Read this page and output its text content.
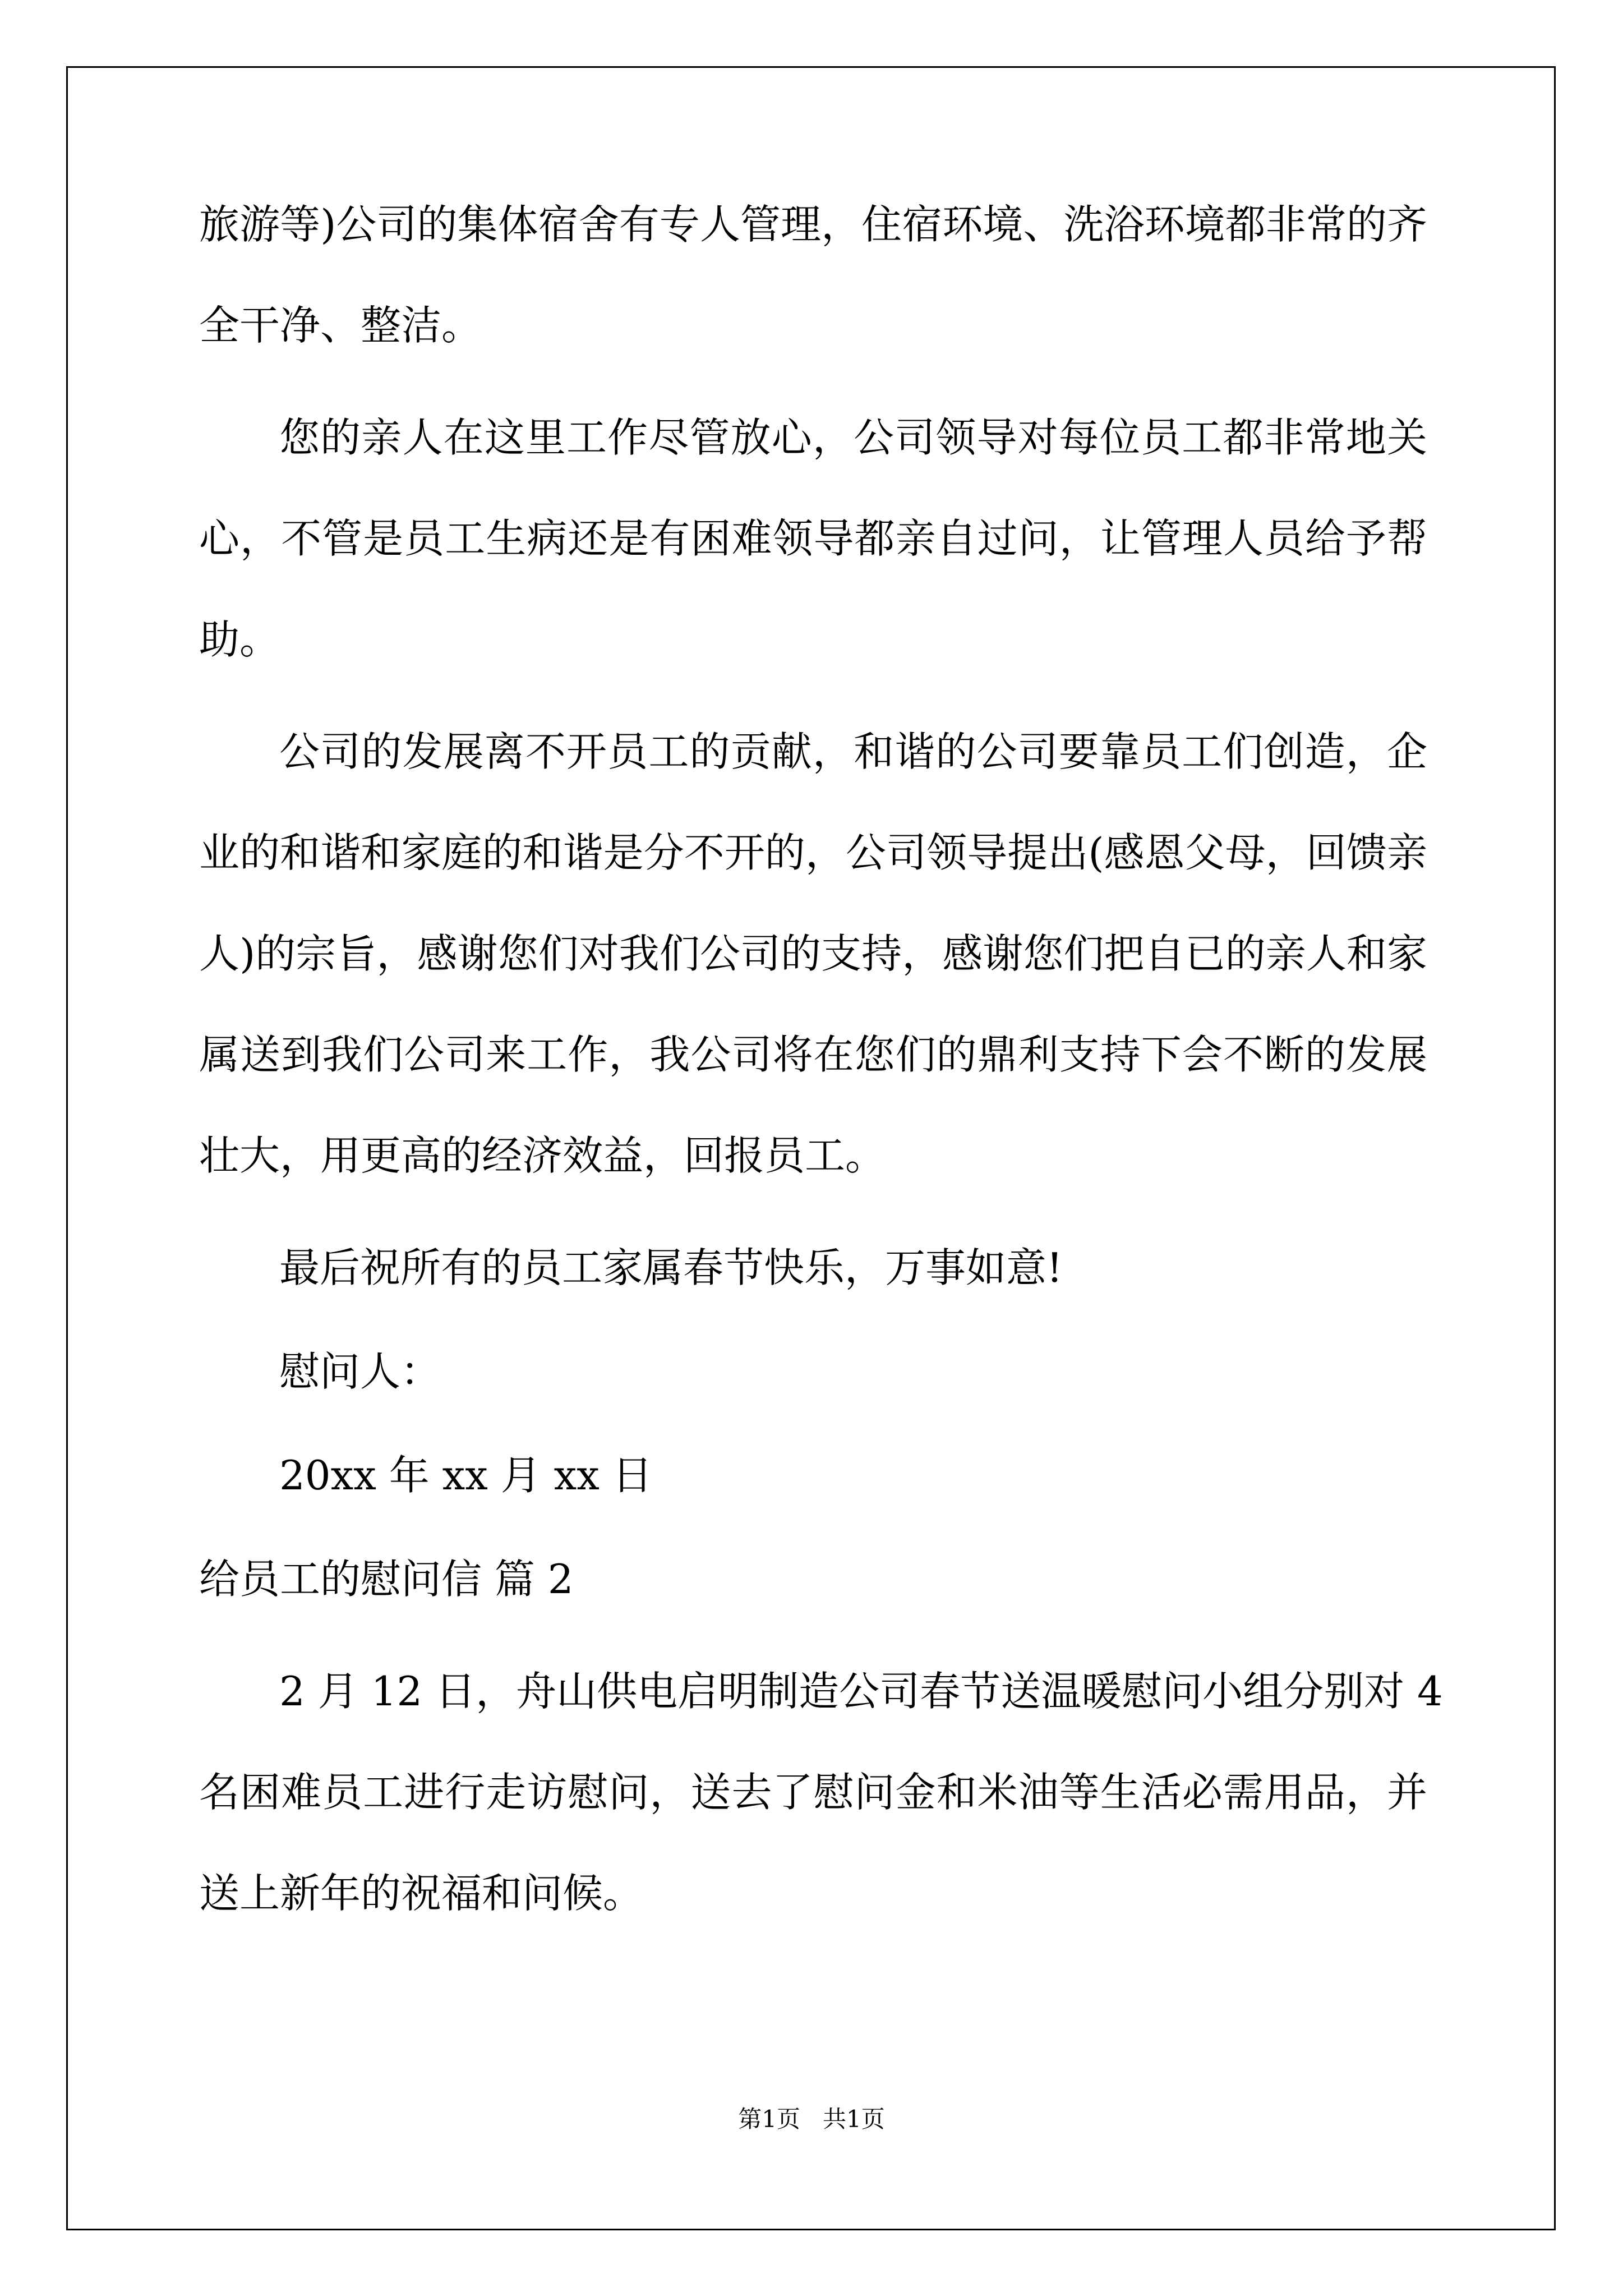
旅游等)公司的集体宿舍有专人管理，住宿环境、洗浴环境都非常的齐
全干净、整洁。
您的亲人在这里工作尽管放心，公司领导对每位员工都非常地关
心，不管是员工生病还是有困难领导都亲自过问，让管理人员给予帮
助。
公司的发展离不开员工的贡献，和谐的公司要靠员工们创造，企
业的和谐和家庭的和谐是分不开的，公司领导提出(感恩父母，回馈亲
人)的宗旨，感谢您们对我们公司的支持，感谢您们把自已的亲人和家
属送到我们公司来工作，我公司将在您们的鼎利支持下会不断的发展
壮大，用更高的经济效益，回报员工。
最后祝所有的员工家属春节快乐，万事如意!
慰问人：
20xx 年 xx 月 xx 日
给员工的慰问信 篇 2
2 月 12 日，舟山供电启明制造公司春节送温暖慰问小组分别对 4
名困难员工进行走访慰问，送去了慰问金和米油等生活必需用品，并
送上新年的祝福和问候。
第1页   共1页
